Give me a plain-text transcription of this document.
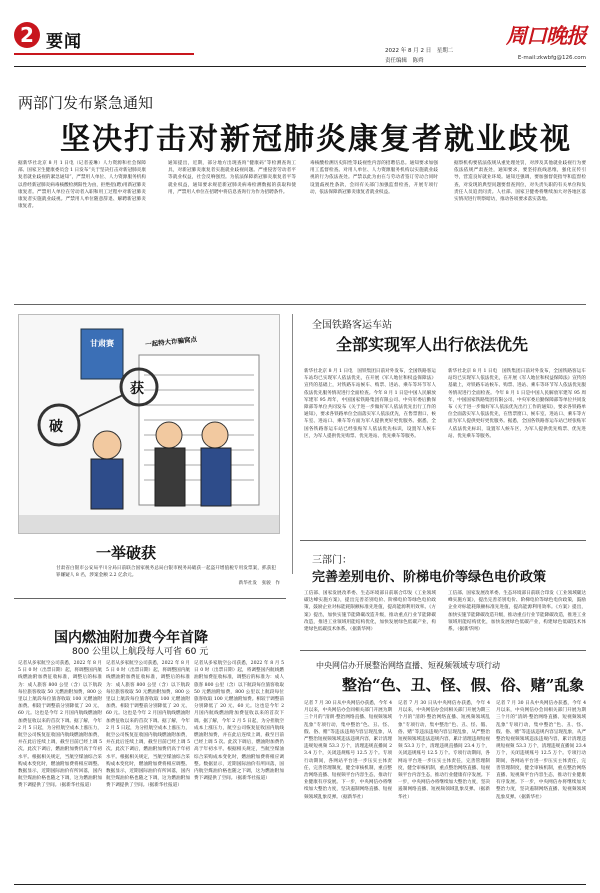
2 要闻	2022 年 8 月 2 日　星期二
责任编辑　陈舜
周口晚报
E-mail:zkwbfg@126.com
两部门发布紧急通知
坚决打击对新冠肺炎康复者就业歧视
据新华社北京 8 月 1 日电（记者姜琳）人力资源和社会保障部、国家卫生健康委员会 1 日发布“关于坚决打击对新冠肺炎康复者就业歧视的紧急通知”，严禁用人单位、人力资源服务机构以曾经新冠肺炎病毒核酸检测阳性为由，拒绝招(聘)用新冠肺炎康复者。严禁用人单位在劳动者入职和用工过程中对新冠肺炎康复者实施就业歧视。严禁用人单位随意辞退、解聘新冠肺炎康复者。
通知提出，近期，部分地方出现查询“健康码”等检测查询工具，对新冠肺炎康复者实施就业歧视问题。严重侵害劳动者平等就业权益，社会反响强烈。为依法保障新冠肺炎康复者平等就业权益，通知要求规范新冠肺炎病毒检测数据的获取和使用，严禁用人单位在招聘中将信息查询行为作为招聘条件。
毒核酸检测历史阳性等歧视性内容的招聘信息。通知要求加强用工监督检查。对用人单位、人力资源服务机构以实施就业歧视的行为依法查处。严禁以此为由在与劳动者签订劳动合同时设置歧视性条款，会同有关部门加强监督检查，开展专项行动，依法保障新冠肺炎康复者就业权益。
据察机构要依法依规从重处理处罚，对涉及其他就业歧视行为要依法依规严肃查处，通知要求，要坚持底线思维，强化宣传引导，营造良好就业环境。通知还强调，要加强督促指导和监督检查，对发现的典型问题要督查到位，对失责失职的有关单位和负责任人员追责问责。人社部、国家卫健委将继续加大对各地区落实情况进行明察暗访，推动各项要求落实落地。
甘肃赛	一起特大诈骗窝点
破
获
一举破获
甘肃省白银市公安局平川分局日前联合国家税务总局白银市税务局破获一起盗开增值税专用发票案，抓获犯罪嫌疑人 8 名，涉案金额 2.2 亿余元。
新华社发　张骏　作
全国铁路客运车站
全部实现军人出行依法优先
新华社北京 8 月 1 日电　国铁集团日前对外发布，全国铁路客运车站均已实现军人依法优先，在开展《军人地位和权益保障法》宣传的基础上，对铁路车站候车、购票、进站、乘车等环节军人依法优先服务情况进行全面检查。今年 8 月 1 日是中国人民解放军建军 95 周年，中国国家铁路集团有限公司、中央军委后勤保障部等单位共同发布《关于进一步做好军人依法优先出行工作的通知》，要求各铁路单位全面落实军人依法优先，在售票窗口、候车室、进站口、乘车等方面为军人提供更好更优服务。据悉，全国各铁路客运车站已经张贴军人依法优先标识，设置军人候车区，为军人提供优先购票、优先进站、优先乘车等服务。
新华社北京 8 月 1 日电　国铁集团日前对外发布，全国铁路客运车站均已实现军人依法优先，在开展《军人地位和权益保障法》宣传的基础上，对铁路车站候车、购票、进站、乘车等环节军人依法优先服务情况进行全面检查。今年 8 月 1 日是中国人民解放军建军 95 周年，中国国家铁路集团有限公司、中央军委后勤保障部等单位共同发布《关于进一步做好军人依法优先出行工作的通知》，要求各铁路单位全面落实军人依法优先，在售票窗口、候车室、进站口、乘车等方面为军人提供更好更优服务。据悉，全国各铁路客运车站已经张贴军人依法优先标识，设置军人候车区，为军人提供优先购票、优先进站、优先乘车等服务。
三部门：
完善差别电价、阶梯电价等绿色电价政策
工信部、国家发展改革委、生态环境部日前联合印发《工业领域碳达峰实施方案》，提出完善差别电价、阶梯电价等绿色电价政策，鼓励企业对标能耗限额标准先进值，提高能源利用效率。《方案》提出，加快实施节能降碳改造升级，推动重点行业节能降碳改造，推进工业领域用能结构优化，加快发展绿色低碳产业，构建绿色低碳技术体系。（据新华网）
工信部、国家发展改革委、生态环境部日前联合印发《工业领域碳达峰实施方案》，提出完善差别电价、阶梯电价等绿色电价政策，鼓励企业对标能耗限额标准先进值，提高能源利用效率。《方案》提出，加快实施节能降碳改造升级，推动重点行业节能降碳改造，推进工业领域用能结构优化，加快发展绿色低碳产业，构建绿色低碳技术体系。（据新华网）
国内燃油附加费今年首降
800 公里以上航段每人可省 60 元
记者从多家航空公司获悉，2022 年 8 月 5 日 0 时（出票日期）起，将调整国内航线燃油附加费征收标准，调整后的标准为：成人旅客 800 公里（含）以下航段每位旅客收取 50 元燃油附加费，800 公里以上航段每位旅客收取 100 元燃油附加费。相较于调整前分别降低了 20 元、60 元。这也是今年 2 月国内航线燃油附加费征收以来的首次下调。据了解，今年 2 月 5 日起，为分担航空成本上涨压力，航空公司恢复征收国内航线燃油附加费，并在此后连续上调，截至目前已经上调 5 次。此次下调后，燃油附加费仍高于年初水平。根据相关规定，当航空煤油综合采购成本变化时，燃油附加费将相应调整。数据显示，近期国际油价有所回落，国内航空煤油价格也随之下调，这为燃油附加费下调提供了空间。（据新华社报道）
记者从多家航空公司获悉，2022 年 8 月 5 日 0 时（出票日期）起，将调整国内航线燃油附加费征收标准，调整后的标准为：成人旅客 800 公里（含）以下航段每位旅客收取 50 元燃油附加费，800 公里以上航段每位旅客收取 100 元燃油附加费。相较于调整前分别降低了 20 元、60 元。这也是今年 2 月国内航线燃油附加费征收以来的首次下调。据了解，今年 2 月 5 日起，为分担航空成本上涨压力，航空公司恢复征收国内航线燃油附加费，并在此后连续上调，截至目前已经上调 5 次。此次下调后，燃油附加费仍高于年初水平。根据相关规定，当航空煤油综合采购成本变化时，燃油附加费将相应调整。数据显示，近期国际油价有所回落，国内航空煤油价格也随之下调，这为燃油附加费下调提供了空间。（据新华社报道）
记者从多家航空公司获悉，2022 年 8 月 5 日 0 时（出票日期）起，将调整国内航线燃油附加费征收标准，调整后的标准为：成人旅客 800 公里（含）以下航段每位旅客收取 50 元燃油附加费，800 公里以上航段每位旅客收取 100 元燃油附加费。相较于调整前分别降低了 20 元、60 元。这也是今年 2 月国内航线燃油附加费征收以来的首次下调。据了解，今年 2 月 5 日起，为分担航空成本上涨压力，航空公司恢复征收国内航线燃油附加费，并在此后连续上调，截至目前已经上调 5 次。此次下调后，燃油附加费仍高于年初水平。根据相关规定，当航空煤油综合采购成本变化时，燃油附加费将相应调整。数据显示，近期国际油价有所回落，国内航空煤油价格也随之下调，这为燃油附加费下调提供了空间。（据新华社报道）
中央网信办开展整治网络直播、短视频领域专项行动
整治“色、丑、怪、假、俗、赌”乱象
记者 7 月 30 日从中央网信办获悉，今年 4 月以来，中央网信办会同相关部门开展为期三个月的“清朗·整治网络直播、短视频领域乱象”专项行动，集中整治“色、丑、怪、假、俗、赌”等违法违规内容呈现乱象，从严整治短视频领域违法违规内容，累计清理违规短视频 53.3 万个，清理违规直播间 23.4 万个，关闭违规账号 12.5 万个。专项行动期间，各网站平台进一步压实主体责任，完善管理制度，健全审核机制，重点整治网络直播、短视频平台内容生态，推动行业健康有序发展。下一步，中央网信办将继续加大整治力度，坚决遏制网络直播、短视频领域乱象反弹。（据新华社）
记者 7 月 30 日从中央网信办获悉，今年 4 月以来，中央网信办会同相关部门开展为期三个月的“清朗·整治网络直播、短视频领域乱象”专项行动，集中整治“色、丑、怪、假、俗、赌”等违法违规内容呈现乱象，从严整治短视频领域违法违规内容，累计清理违规短视频 53.3 万个，清理违规直播间 23.4 万个，关闭违规账号 12.5 万个。专项行动期间，各网站平台进一步压实主体责任，完善管理制度，健全审核机制，重点整治网络直播、短视频平台内容生态，推动行业健康有序发展。下一步，中央网信办将继续加大整治力度，坚决遏制网络直播、短视频领域乱象反弹。（据新华社）
记者 7 月 30 日从中央网信办获悉，今年 4 月以来，中央网信办会同相关部门开展为期三个月的“清朗·整治网络直播、短视频领域乱象”专项行动，集中整治“色、丑、怪、假、俗、赌”等违法违规内容呈现乱象，从严整治短视频领域违法违规内容，累计清理违规短视频 53.3 万个，清理违规直播间 23.4 万个，关闭违规账号 12.5 万个。专项行动期间，各网站平台进一步压实主体责任，完善管理制度，健全审核机制，重点整治网络直播、短视频平台内容生态，推动行业健康有序发展。下一步，中央网信办将继续加大整治力度，坚决遏制网络直播、短视频领域乱象反弹。（据新华社）
